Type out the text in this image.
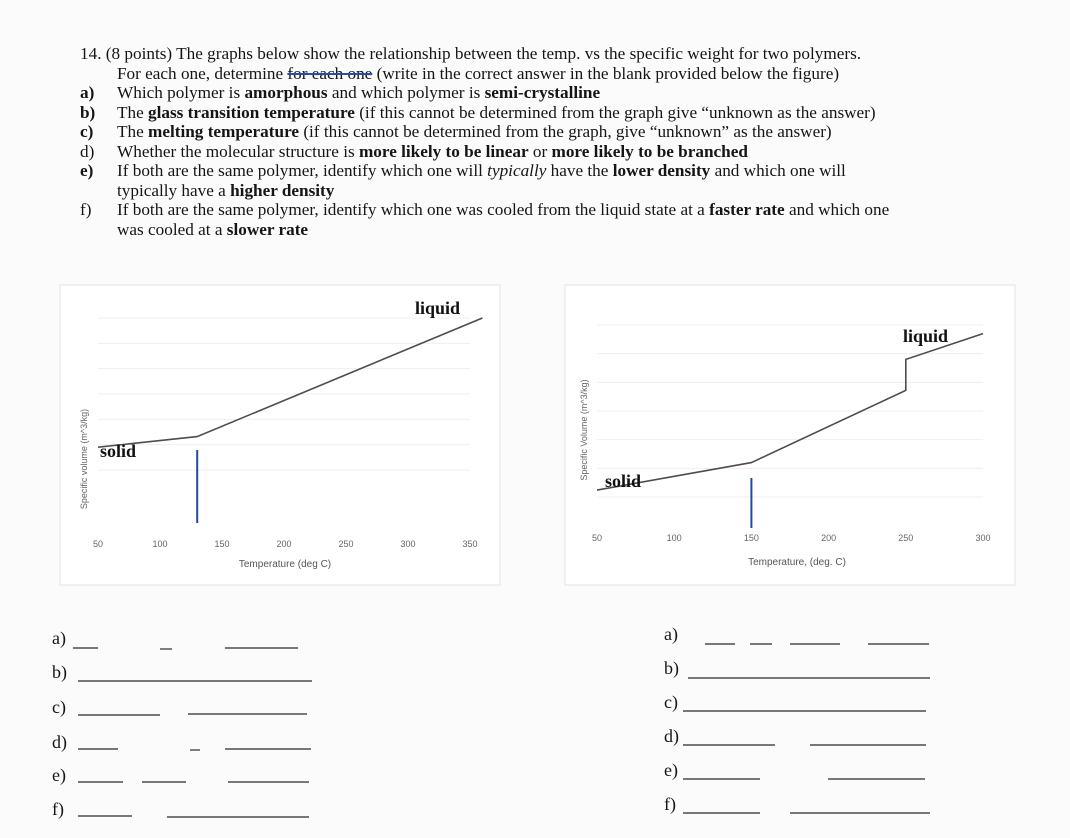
14. (8 points) The graphs below show the relationship between the temp. vs the specific weight for two polymers.
For each one, determine for each one (write in the correct answer in the blank provided below the figure)
a) Which polymer is amorphous and which polymer is semi-crystalline
b) The glass transition temperature (if this cannot be determined from the graph give “unknown as the answer)
c) The melting temperature (if this cannot be determined from the graph, give “unknown” as the answer)
d) Whether the molecular structure is more likely to be linear or more likely to be branched
e) If both are the same polymer, identify which one will typically have the lower density and which one will
typically have a higher density
f) If both are the same polymer, identify which one was cooled from the liquid state at a faster rate and which one
was cooled at a slower rate
Specific volume (m^3/kg)
50	100	150	200	250	300	350
Temperature (deg C)
solid
liquid
Specific Volume (m^3/kg)
50	100	150	200	250	300
Temperature, (deg. C)
solid
liquid
a)
b)
c)
d)
e)
f)
a)
b)
c)
d)
e)
f)
